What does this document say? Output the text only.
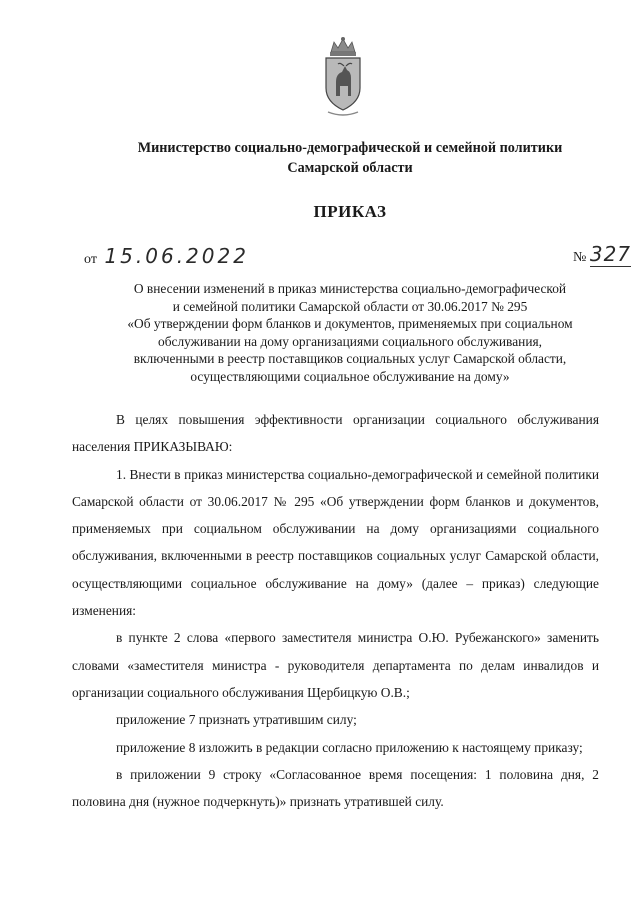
Министерство социально-демографической и семейной политики
Самарской области
ПРИКАЗ
от 15.06.2022	№ 327
О внесении изменений в приказ министерства социально-демографической
и семейной политики Самарской области от 30.06.2017 № 295
«Об утверждении форм бланков и документов, применяемых при социальном
обслуживании на дому организациями социального обслуживания,
включенными в реестр поставщиков социальных услуг Самарской области,
осуществляющими социальное обслуживание на дому»

В целях повышения эффективности организации социального обслуживания населения ПРИКАЗЫВАЮ:

1. Внести в приказ министерства социально-демографической и семейной политики Самарской области от 30.06.2017 № 295 «Об утверждении форм бланков и документов, применяемых при социальном обслуживании на дому организациями социального обслуживания, включенными в реестр поставщиков социальных услуг Самарской области, осуществляющими социальное обслуживание на дому» (далее – приказ) следующие изменения:

в пункте 2 слова «первого заместителя министра О.Ю. Рубежанского» заменить словами «заместителя министра - руководителя департамента по делам инвалидов и организации социального обслуживания Щербицкую О.В.;

приложение 7 признать утратившим силу;

приложение 8 изложить в редакции согласно приложению к настоящему приказу;

в приложении 9 строку «Согласованное время посещения: 1 половина дня, 2 половина дня (нужное подчеркнуть)» признать утратившей силу.
